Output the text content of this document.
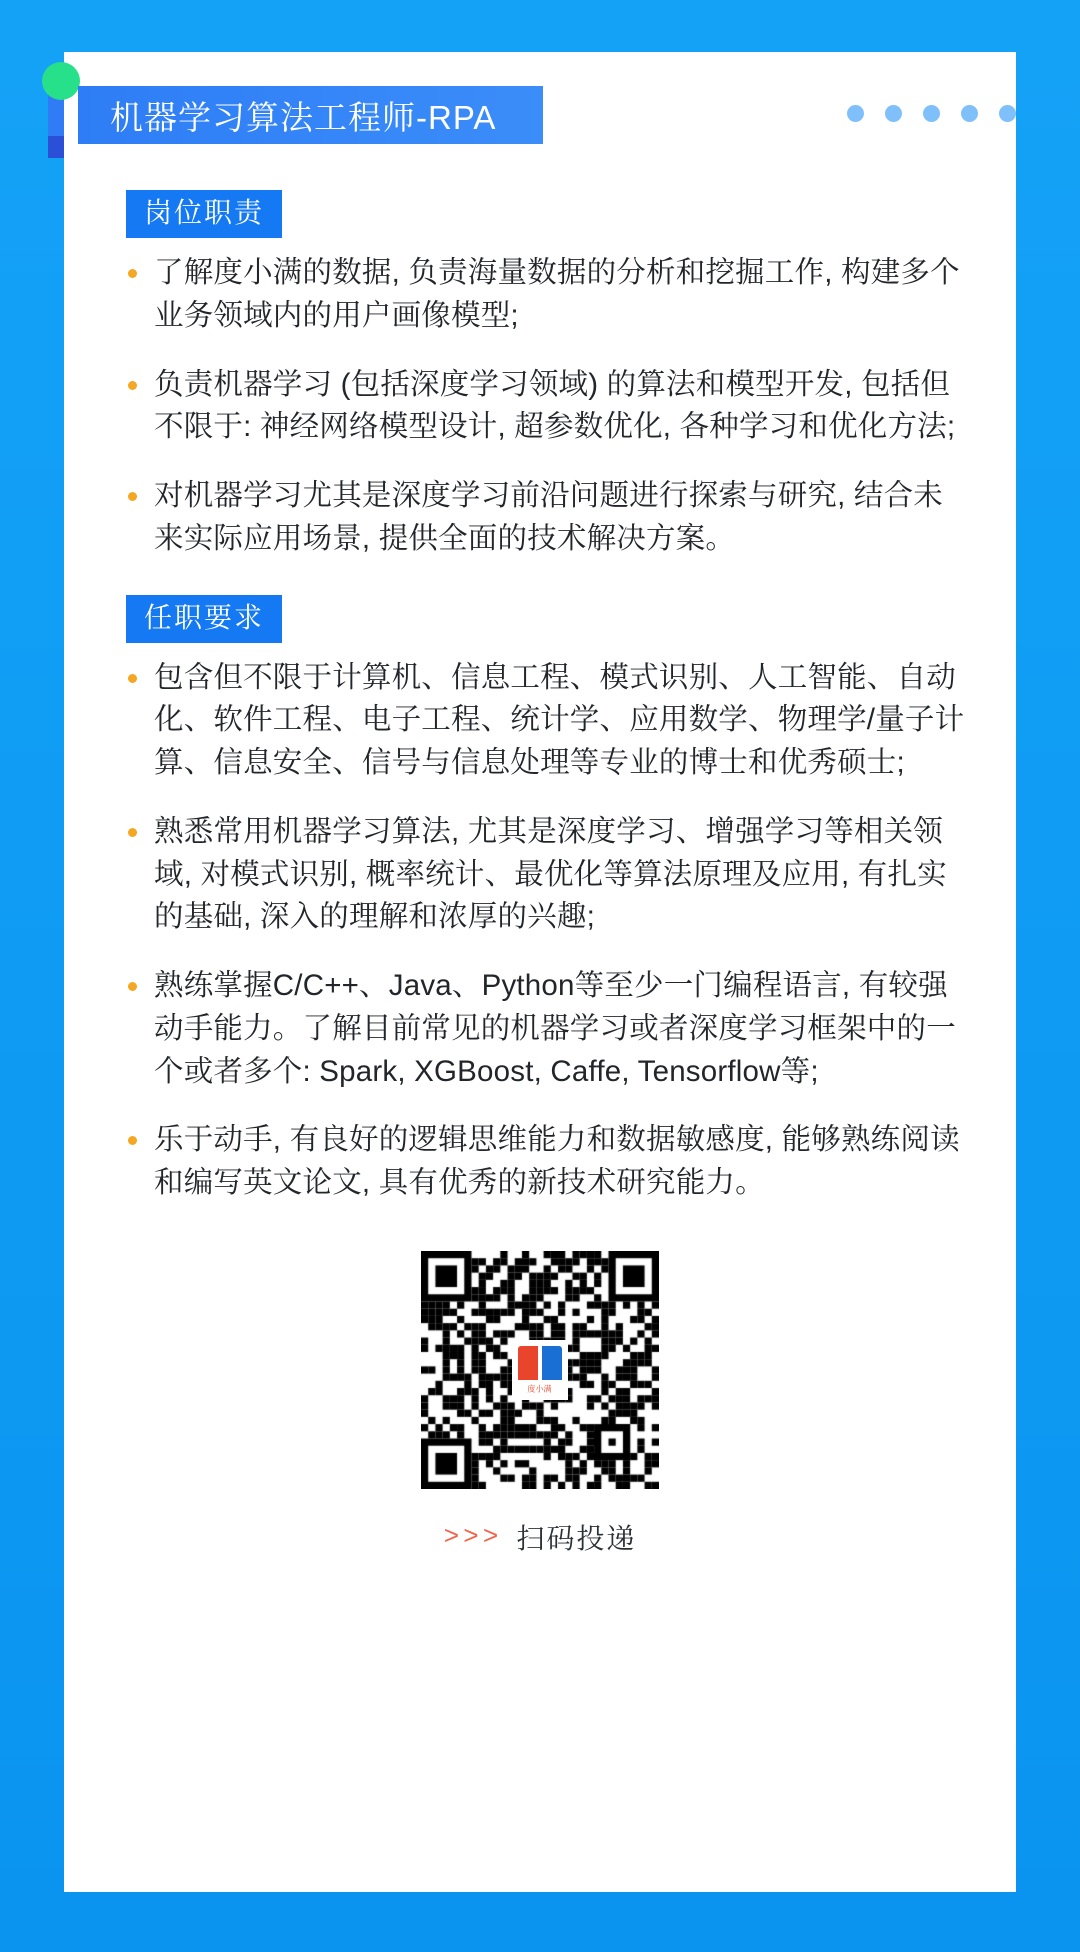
机器学习算法工程师-RPA
岗位职责
了解度小满的数据, 负责海量数据的分析和挖掘工作, 构建多个业务领域内的用户画像模型;
负责机器学习 (包括深度学习领域) 的算法和模型开发, 包括但不限于: 神经网络模型设计, 超参数优化, 各种学习和优化方法;
对机器学习尤其是深度学习前沿问题进行探索与研究, 结合未来实际应用场景, 提供全面的技术解决方案。
任职要求
包含但不限于计算机、信息工程、模式识别、人工智能、自动化、软件工程、电子工程、统计学、应用数学、物理学/量子计算、信息安全、信号与信息处理等专业的博士和优秀硕士;
熟悉常用机器学习算法, 尤其是深度学习、增强学习等相关领域, 对模式识别, 概率统计、最优化等算法原理及应用, 有扎实的基础, 深入的理解和浓厚的兴趣;
熟练掌握C/C++、Java、Python等至少一门编程语言, 有较强动手能力。了解目前常见的机器学习或者深度学习框架中的一个或者多个: Spark, XGBoost, Caffe, Tensorflow等;
乐于动手, 有良好的逻辑思维能力和数据敏感度, 能够熟练阅读和编写英文论文, 具有优秀的新技术研究能力。
度小满
>>> 扫码投递
